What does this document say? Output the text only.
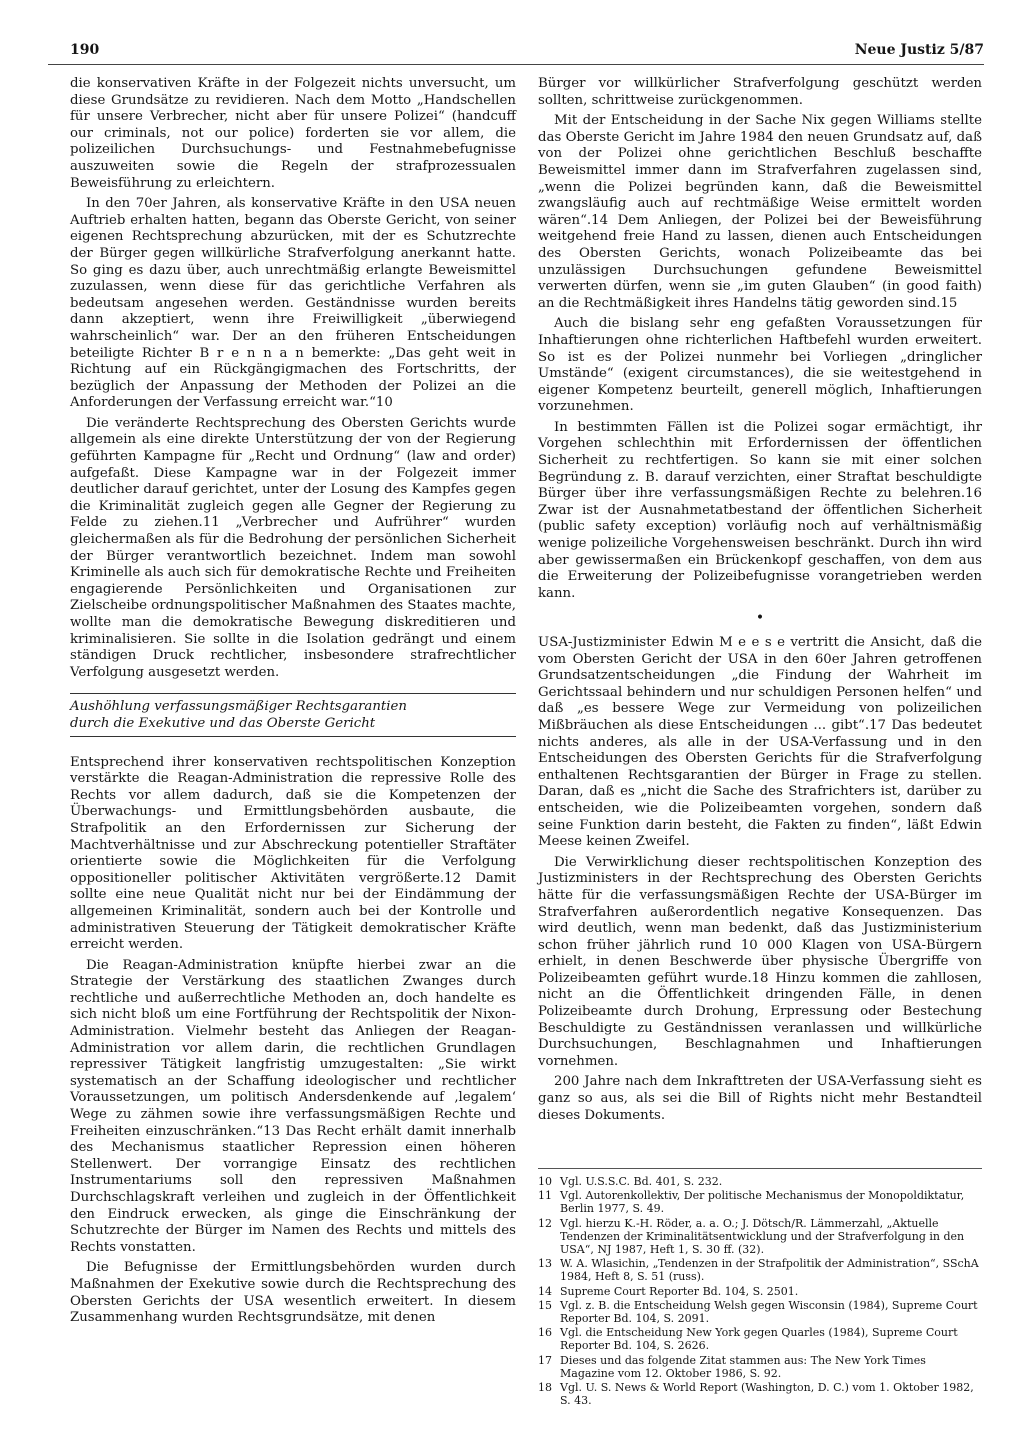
190	Neue Justiz 5/87

die konservativen Kräfte in der Folgezeit nichts unversucht, um diese Grundsätze zu revidieren. Nach dem Motto „Handschellen für unsere Verbrecher, nicht aber für unsere Polizei“ (handcuff our criminals, not our police) forderten sie vor allem, die polizeilichen Durchsuchungs- und Festnahmebefugnisse auszuweiten sowie die Regeln der strafprozessualen Beweisführung zu erleichtern.

In den 70er Jahren, als konservative Kräfte in den USA neuen Auftrieb erhalten hatten, begann das Oberste Gericht, von seiner eigenen Rechtsprechung abzurücken, mit der es Schutzrechte der Bürger gegen willkürliche Strafverfolgung anerkannt hatte. So ging es dazu über, auch unrechtmäßig erlangte Beweismittel zuzulassen, wenn diese für das gerichtliche Verfahren als bedeutsam angesehen werden. Geständnisse wurden bereits dann akzeptiert, wenn ihre Freiwilligkeit „überwiegend wahrscheinlich“ war. Der an den früheren Entscheidungen beteiligte Richter B r e n n a n bemerkte: „Das geht weit in Richtung auf ein Rückgängigmachen des Fortschritts, der bezüglich der Anpassung der Methoden der Polizei an die Anforderungen der Verfassung erreicht war.“10

Die veränderte Rechtsprechung des Obersten Gerichts wurde allgemein als eine direkte Unterstützung der von der Regierung geführten Kampagne für „Recht und Ordnung“ (law and order) aufgefaßt. Diese Kampagne war in der Folgezeit immer deutlicher darauf gerichtet, unter der Losung des Kampfes gegen die Kriminalität zugleich gegen alle Gegner der Regierung zu Felde zu ziehen.11 „Verbrecher und Aufrührer“ wurden gleichermaßen als für die Bedrohung der persönlichen Sicherheit der Bürger verantwortlich bezeichnet. Indem man sowohl Kriminelle als auch sich für demokratische Rechte und Freiheiten engagierende Persönlichkeiten und Organisationen zur Zielscheibe ordnungspolitischer Maßnahmen des Staates machte, wollte man die demokratische Bewegung diskreditieren und kriminalisieren. Sie sollte in die Isolation gedrängt und einem ständigen Druck rechtlicher, insbesondere strafrechtlicher Verfolgung ausgesetzt werden.

Aushöhlung verfassungsmäßiger Rechtsgarantien
durch die Exekutive und das Oberste Gericht

Entsprechend ihrer konservativen rechtspolitischen Konzeption verstärkte die Reagan-Administration die repressive Rolle des Rechts vor allem dadurch, daß sie die Kompetenzen der Überwachungs- und Ermittlungsbehörden ausbaute, die Strafpolitik an den Erfordernissen zur Sicherung der Machtverhältnisse und zur Abschreckung potentieller Straftäter orientierte sowie die Möglichkeiten für die Verfolgung oppositioneller politischer Aktivitäten vergrößerte.12 Damit sollte eine neue Qualität nicht nur bei der Eindämmung der allgemeinen Kriminalität, sondern auch bei der Kontrolle und administrativen Steuerung der Tätigkeit demokratischer Kräfte erreicht werden.

Die Reagan-Administration knüpfte hierbei zwar an die Strategie der Verstärkung des staatlichen Zwanges durch rechtliche und außerrechtliche Methoden an, doch handelte es sich nicht bloß um eine Fortführung der Rechtspolitik der Nixon-Administration. Vielmehr besteht das Anliegen der Reagan-Administration vor allem darin, die rechtlichen Grundlagen repressiver Tätigkeit langfristig umzugestalten: „Sie wirkt systematisch an der Schaffung ideologischer und rechtlicher Voraussetzungen, um politisch Andersdenkende auf ‚legalem‘ Wege zu zähmen sowie ihre verfassungsmäßigen Rechte und Freiheiten einzuschränken.“13 Das Recht erhält damit innerhalb des Mechanismus staatlicher Repression einen höheren Stellenwert. Der vorrangige Einsatz des rechtlichen Instrumentariums soll den repressiven Maßnahmen Durchschlagskraft verleihen und zugleich in der Öffentlichkeit den Eindruck erwecken, als ginge die Einschränkung der Schutzrechte der Bürger im Namen des Rechts und mittels des Rechts vonstatten.

Die Befugnisse der Ermittlungsbehörden wurden durch Maßnahmen der Exekutive sowie durch die Rechtsprechung des Obersten Gerichts der USA wesentlich erweitert. In diesem Zusammenhang wurden Rechtsgrundsätze, mit denen

Bürger vor willkürlicher Strafverfolgung geschützt werden sollten, schrittweise zurückgenommen.

Mit der Entscheidung in der Sache Nix gegen Williams stellte das Oberste Gericht im Jahre 1984 den neuen Grundsatz auf, daß von der Polizei ohne gerichtlichen Beschluß beschaffte Beweismittel immer dann im Strafverfahren zugelassen sind, „wenn die Polizei begründen kann, daß die Beweismittel zwangsläufig auch auf rechtmäßige Weise ermittelt worden wären“.14 Dem Anliegen, der Polizei bei der Beweisführung weitgehend freie Hand zu lassen, dienen auch Entscheidungen des Obersten Gerichts, wonach Polizeibeamte das bei unzulässigen Durchsuchungen gefundene Beweismittel verwerten dürfen, wenn sie „im guten Glauben“ (in good faith) an die Rechtmäßigkeit ihres Handelns tätig geworden sind.15

Auch die bislang sehr eng gefaßten Voraussetzungen für Inhaftierungen ohne richterlichen Haftbefehl wurden erweitert. So ist es der Polizei nunmehr bei Vorliegen „dringlicher Umstände“ (exigent circumstances), die sie weitestgehend in eigener Kompetenz beurteilt, generell möglich, Inhaftierungen vorzunehmen.

In bestimmten Fällen ist die Polizei sogar ermächtigt, ihr Vorgehen schlechthin mit Erfordernissen der öffentlichen Sicherheit zu rechtfertigen. So kann sie mit einer solchen Begründung z. B. darauf verzichten, einer Straftat beschuldigte Bürger über ihre verfassungsmäßigen Rechte zu belehren.16 Zwar ist der Ausnahmetatbestand der öffentlichen Sicherheit (public safety exception) vorläufig noch auf verhältnismäßig wenige polizeiliche Vorgehensweisen beschränkt. Durch ihn wird aber gewissermaßen ein Brückenkopf geschaffen, von dem aus die Erweiterung der Polizeibefugnisse vorangetrieben werden kann.

•

USA-Justizminister Edwin M e e s e vertritt die Ansicht, daß die vom Obersten Gericht der USA in den 60er Jahren getroffenen Grundsatzentscheidungen „die Findung der Wahrheit im Gerichtssaal behindern und nur schuldigen Personen helfen“ und daß „es bessere Wege zur Vermeidung von polizeilichen Mißbräuchen als diese Entscheidungen ... gibt“.17 Das bedeutet nichts anderes, als alle in der USA-Verfassung und in den Entscheidungen des Obersten Gerichts für die Strafverfolgung enthaltenen Rechtsgarantien der Bürger in Frage zu stellen. Daran, daß es „nicht die Sache des Strafrichters ist, darüber zu entscheiden, wie die Polizeibeamten vorgehen, sondern daß seine Funktion darin besteht, die Fakten zu finden“, läßt Edwin Meese keinen Zweifel.

Die Verwirklichung dieser rechtspolitischen Konzeption des Justizministers in der Rechtsprechung des Obersten Gerichts hätte für die verfassungsmäßigen Rechte der USA-Bürger im Strafverfahren außerordentlich negative Konsequenzen. Das wird deutlich, wenn man bedenkt, daß das Justizministerium schon früher jährlich rund 10 000 Klagen von USA-Bürgern erhielt, in denen Beschwerde über physische Übergriffe von Polizeibeamten geführt wurde.18 Hinzu kommen die zahllosen, nicht an die Öffentlichkeit dringenden Fälle, in denen Polizeibeamte durch Drohung, Erpressung oder Bestechung Beschuldigte zu Geständnissen veranlassen und willkürliche Durchsuchungen, Beschlagnahmen und Inhaftierungen vornehmen.

200 Jahre nach dem Inkrafttreten der USA-Verfassung sieht es ganz so aus, als sei die Bill of Rights nicht mehr Bestandteil dieses Dokuments.

10 Vgl. U.S.S.C. Bd. 401, S. 232.
11 Vgl. Autorenkollektiv, Der politische Mechanismus der Monopoldiktatur, Berlin 1977, S. 49.
12 Vgl. hierzu K.-H. Röder, a. a. O.; J. Dötsch/R. Lämmerzahl, „Aktuelle Tendenzen der Kriminalitätsentwicklung und der Strafverfolgung in den USA“, NJ 1987, Heft 1, S. 30 ff. (32).
13 W. A. Wlasichin, „Tendenzen in der Strafpolitik der Administration“, SSchA 1984, Heft 8, S. 51 (russ).
14 Supreme Court Reporter Bd. 104, S. 2501.
15 Vgl. z. B. die Entscheidung Welsh gegen Wisconsin (1984), Supreme Court Reporter Bd. 104, S. 2091.
16 Vgl. die Entscheidung New York gegen Quarles (1984), Supreme Court Reporter Bd. 104, S. 2626.
17 Dieses und das folgende Zitat stammen aus: The New York Times Magazine vom 12. Oktober 1986, S. 92.
18 Vgl. U. S. News & World Report (Washington, D. C.) vom 1. Oktober 1982, S. 43.
